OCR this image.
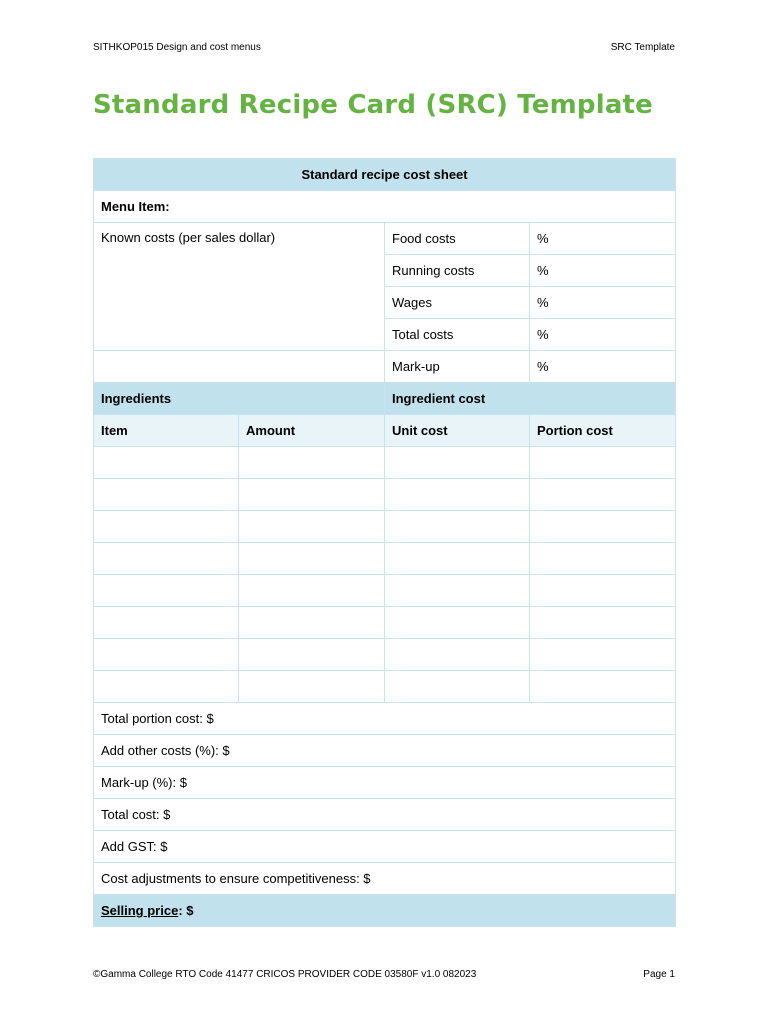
SITHKOP015 Design and cost menus	SRC Template
Standard Recipe Card (SRC) Template
Standard recipe cost sheet			
Menu Item:			
Known costs (per sales dollar)		Food costs	%
		Running costs	%
		Wages	%
		Total costs	%
		Mark-up	%
Ingredients		Ingredient cost	
Item	Amount	Unit cost	Portion cost

Total portion cost: $			
Add other costs (%): $			
Mark-up (%): $			
Total cost: $			
Add GST: $			
Cost adjustments to ensure competitiveness: $			
Selling price: $			
©Gamma College RTO Code 41477 CRICOS PROVIDER CODE 03580F v1.0 082023	Page 1
